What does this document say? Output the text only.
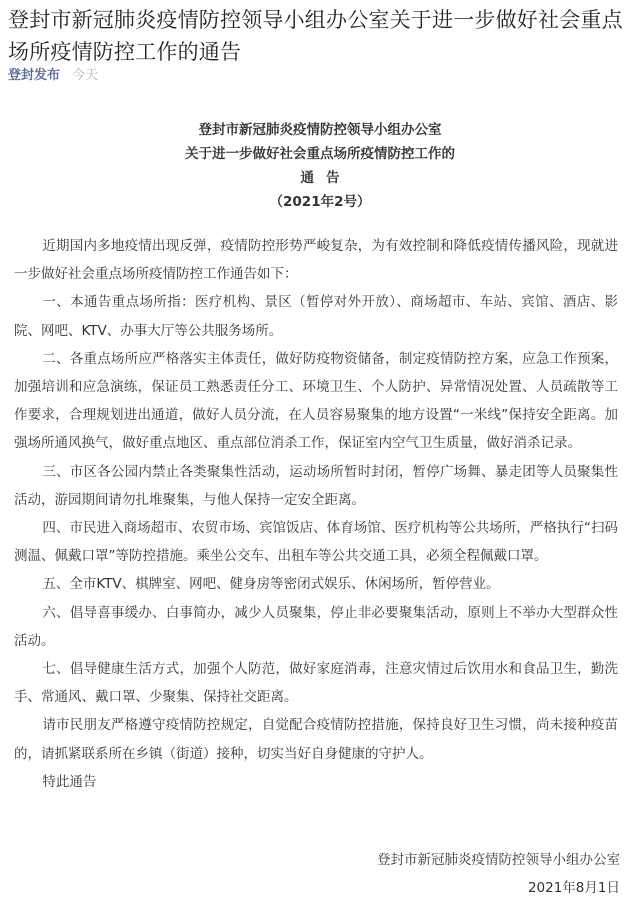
登封市新冠肺炎疫情防控领导小组办公室关于进一步做好社会重点场所疫情防控工作的通告
登封发布 今天
登封市新冠肺炎疫情防控领导小组办公室
关于进一步做好社会重点场所疫情防控工作的
通告
（2021年2号）

近期国内多地疫情出现反弹，疫情防控形势严峻复杂，为有效控制和降低疫情传播风险，现就进一步做好社会重点场所疫情防控工作通告如下：

一、本通告重点场所指：医疗机构、景区（暂停对外开放）、商场超市、车站、宾馆、酒店、影院、网吧、KTV、办事大厅等公共服务场所。

二、各重点场所应严格落实主体责任，做好防疫物资储备，制定疫情防控方案，应急工作预案，加强培训和应急演练，保证员工熟悉责任分工、环境卫生、个人防护、异常情况处置、人员疏散等工作要求，合理规划进出通道，做好人员分流，在人员容易聚集的地方设置“一米线”保持安全距离。加强场所通风换气，做好重点地区、重点部位消杀工作，保证室内空气卫生质量，做好消杀记录。

三、市区各公园内禁止各类聚集性活动，运动场所暂时封闭，暂停广场舞、暴走团等人员聚集性活动，游园期间请勿扎堆聚集，与他人保持一定安全距离。

四、市民进入商场超市、农贸市场、宾馆饭店、体育场馆、医疗机构等公共场所，严格执行“扫码测温、佩戴口罩”等防控措施。乘坐公交车、出租车等公共交通工具，必须全程佩戴口罩。

五、全市KTV、棋牌室、网吧、健身房等密闭式娱乐、休闲场所，暂停营业。

六、倡导喜事缓办、白事简办，减少人员聚集，停止非必要聚集活动，原则上不举办大型群众性活动。

七、倡导健康生活方式，加强个人防范，做好家庭消毒，注意灾情过后饮用水和食品卫生，勤洗手、常通风、戴口罩、少聚集、保持社交距离。

请市民朋友严格遵守疫情防控规定，自觉配合疫情防控措施，保持良好卫生习惯，尚未接种疫苗的，请抓紧联系所在乡镇（街道）接种，切实当好自身健康的守护人。

特此通告

登封市新冠肺炎疫情防控领导小组办公室
2021年8月1日
